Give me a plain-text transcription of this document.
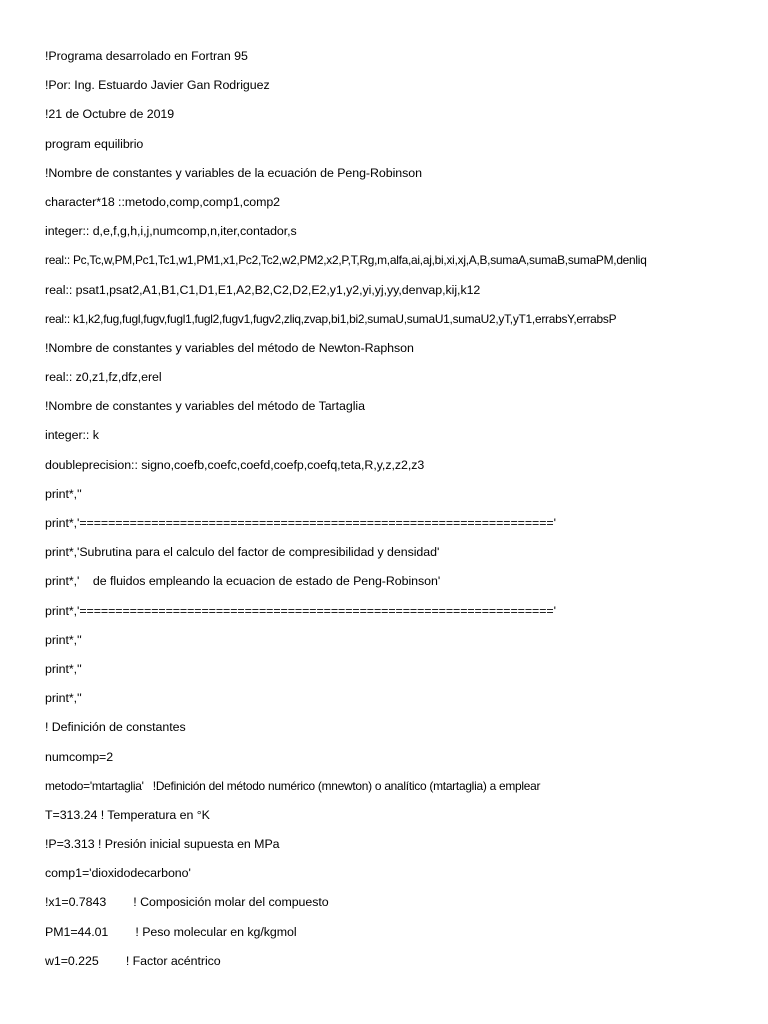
!Programa desarrolado en Fortran 95
!Por: Ing. Estuardo Javier Gan Rodriguez
!21 de Octubre de 2019
program equilibrio
!Nombre de constantes y variables de la ecuación de Peng-Robinson
character*18 ::metodo,comp,comp1,comp2
integer:: d,e,f,g,h,i,j,numcomp,n,iter,contador,s
real:: Pc,Tc,w,PM,Pc1,Tc1,w1,PM1,x1,Pc2,Tc2,w2,PM2,x2,P,T,Rg,m,alfa,ai,aj,bi,xi,xj,A,B,sumaA,sumaB,sumaPM,denliq
real:: psat1,psat2,A1,B1,C1,D1,E1,A2,B2,C2,D2,E2,y1,y2,yi,yj,yy,denvap,kij,k12
real:: k1,k2,fug,fugl,fugv,fugl1,fugl2,fugv1,fugv2,zliq,zvap,bi1,bi2,sumaU,sumaU1,sumaU2,yT,yT1,errabsY,errabsP
!Nombre de constantes y variables del método de Newton-Raphson
real:: z0,z1,fz,dfz,erel
!Nombre de constantes y variables del método de Tartaglia
integer:: k
doubleprecision:: signo,coefb,coefc,coefd,coefp,coefq,teta,R,y,z,z2,z3
print*,''
print*,'=================================================================='
print*,'Subrutina para el calculo del factor de compresibilidad y densidad'
print*,'    de fluidos empleando la ecuacion de estado de Peng-Robinson'
print*,'=================================================================='
print*,''
print*,''
print*,''
! Definición de constantes
numcomp=2
metodo='mtartaglia'   !Definición del método numérico (mnewton) o analítico (mtartaglia) a emplear
T=313.24 ! Temperatura en °K
!P=3.313 ! Presión inicial supuesta en MPa
comp1='dioxidodecarbono'
!x1=0.7843        ! Composición molar del compuesto
PM1=44.01        ! Peso molecular en kg/kgmol
w1=0.225        ! Factor acéntrico
